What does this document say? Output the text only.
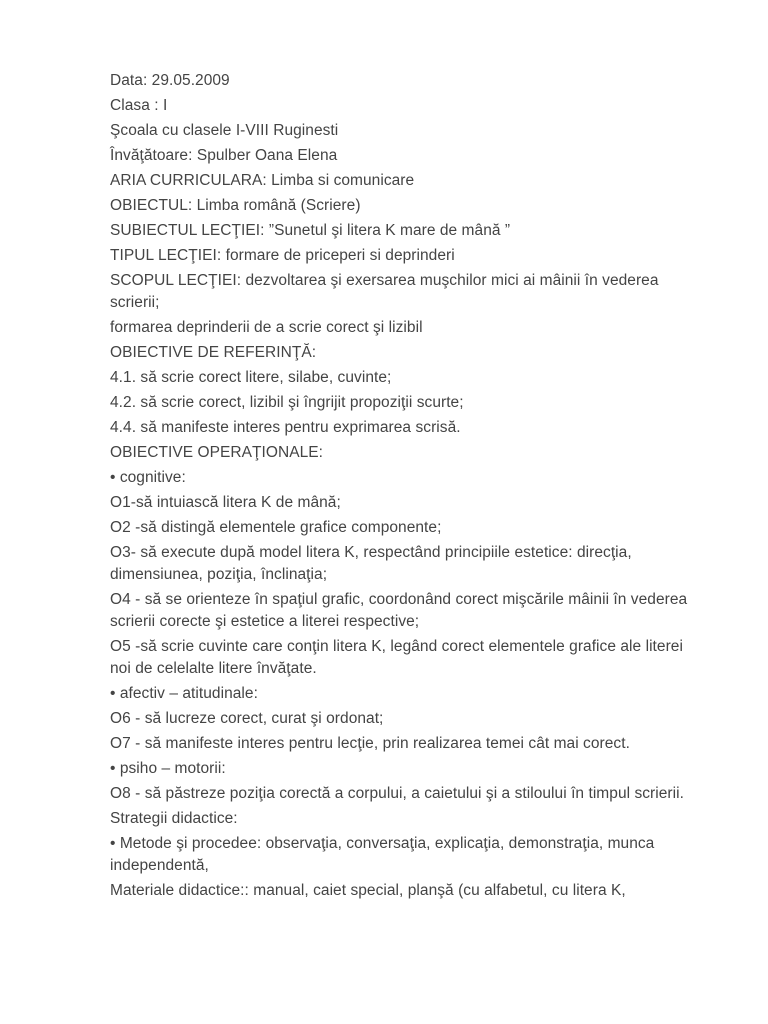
Data: 29.05.2009
Clasa : I
Şcoala cu clasele I-VIII Ruginesti
Învăţătoare: Spulber Oana Elena
ARIA CURRICULARA: Limba si comunicare
OBIECTUL: Limba română (Scriere)
SUBIECTUL LECŢIEI: ”Sunetul şi litera K mare de mână ”
TIPUL LECŢIEI: formare de priceperi si deprinderi
SCOPUL LECŢIEI: dezvoltarea şi exersarea muşchilor mici ai mâinii în vederea scrierii;
formarea deprinderii de a scrie corect şi lizibil
OBIECTIVE DE REFERINŢĂ:
4.1. să scrie corect litere, silabe, cuvinte;
4.2. să scrie corect, lizibil şi îngrijit propoziţii scurte;
4.4. să manifeste interes pentru exprimarea scrisă.
OBIECTIVE OPERAŢIONALE:
• cognitive:
O1-să intuiască litera K de mână;
O2 -să distingă elementele grafice componente;
O3- să execute după model litera K, respectând principiile estetice: direcţia, dimensiunea, poziţia, înclinaţia;
O4 - să se orienteze în spaţiul grafic, coordonând corect mişcările mâinii în vederea scrierii corecte şi estetice a literei respective;
O5 -să scrie cuvinte care conţin litera K, legând corect elementele grafice ale literei noi de celelalte litere învăţate.
• afectiv – atitudinale:
O6 - să lucreze corect, curat şi ordonat;
O7 - să manifeste interes pentru lecţie, prin realizarea temei cât mai corect.
• psiho – motorii:
O8 - să păstreze poziţia corectă a corpului, a caietului şi a stiloului în timpul scrierii.
Strategii didactice:
• Metode şi procedee: observaţia, conversaţia, explicaţia, demonstraţia, munca independentă,
Materiale didactice:: manual, caiet special, planşă (cu alfabetul, cu litera K,
